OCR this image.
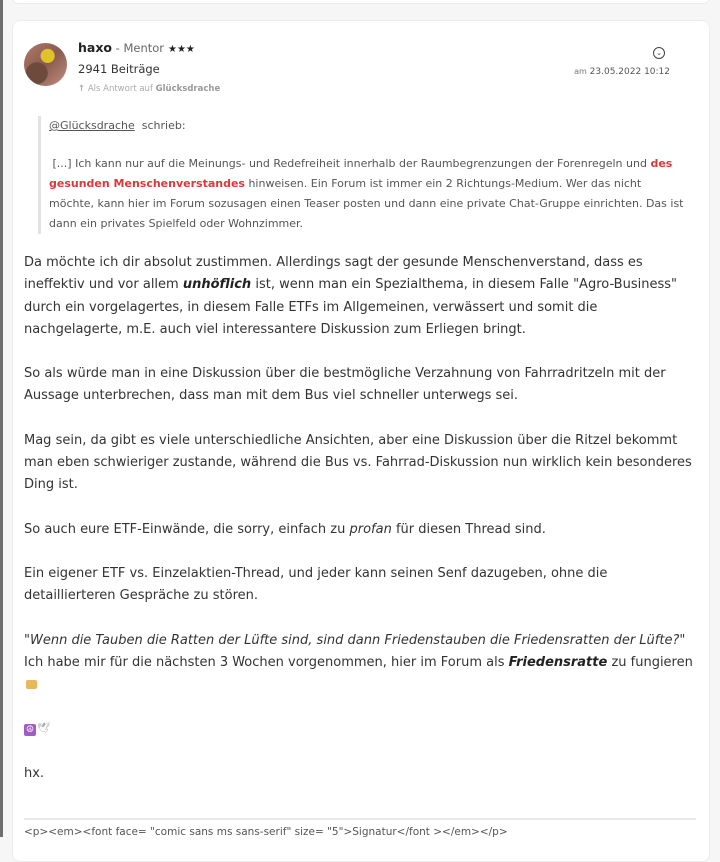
haxo - Mentor ★★★
2941 Beiträge
↑ Als Antwort auf Glücksdrache
⌄
am 23.05.2022 10:12
@Glücksdrache schrieb:
[...] Ich kann nur auf die Meinungs- und Redefreiheit innerhalb der Raumbegrenzungen der Forenregeln und des gesunden Menschenverstandes hinweisen. Ein Forum ist immer ein 2 Richtungs-Medium. Wer das nicht möchte, kann hier im Forum sozusagen einen Teaser posten und dann eine private Chat-Gruppe einrichten. Das ist dann ein privates Spielfeld oder Wohnzimmer.

Da möchte ich dir absolut zustimmen. Allerdings sagt der gesunde Menschenverstand, dass es ineffektiv und vor allem unhöflich ist, wenn man ein Spezialthema, in diesem Falle "Agro-Business" durch ein vorgelagertes, in diesem Falle ETFs im Allgemeinen, verwässert und somit die nachgelagerte, m.E. auch viel interessantere Diskussion zum Erliegen bringt.

So als würde man in eine Diskussion über die bestmögliche Verzahnung von Fahrradritzeln mit der Aussage unterbrechen, dass man mit dem Bus viel schneller unterwegs sei.

Mag sein, da gibt es viele unterschiedliche Ansichten, aber eine Diskussion über die Ritzel bekommt man eben schwieriger zustande, während die Bus vs. Fahrrad-Diskussion nun wirklich kein besonderes Ding ist.

So auch eure ETF-Einwände, die sorry, einfach zu profan für diesen Thread sind.

Ein eigener ETF vs. Einzelaktien-Thread, und jeder kann seinen Senf dazugeben, ohne die detaillierteren Gespräche zu stören.

"Wenn die Tauben die Ratten der Lüfte sind, sind dann Friedenstauben die Friedensratten der Lüfte?"
Ich habe mir für die nächsten 3 Wochen vorgenommen, hier im Forum als Friedensratte zu fungieren

☮ 🕊

hx.

<p><em><font face= "comic sans ms sans-serif" size= "5">Signatur</font ></em></p>
